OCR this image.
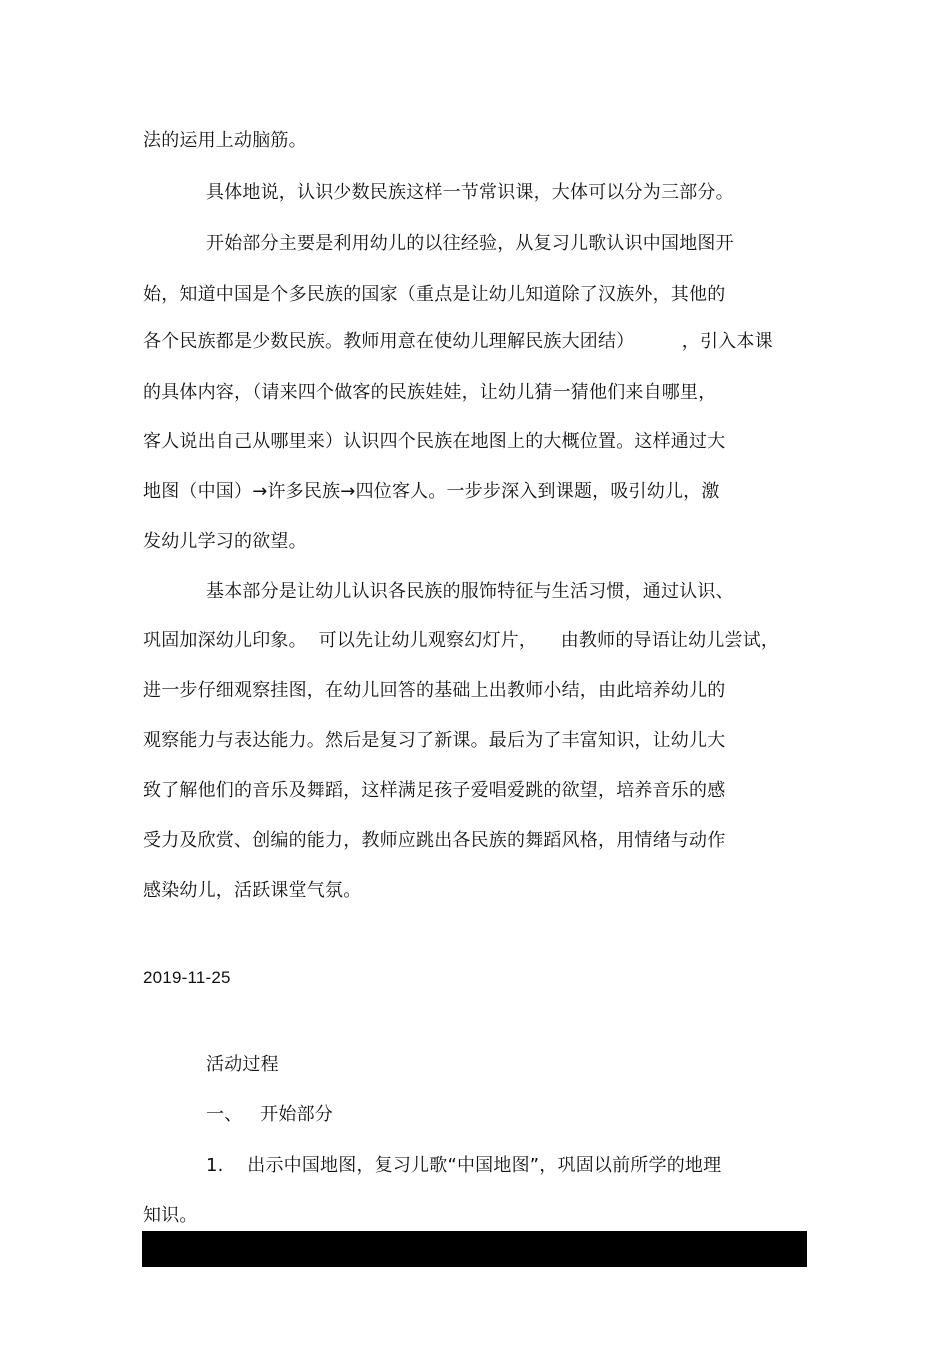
法的运用上动脑筋。
具体地说，认识少数民族这样一节常识课，大体可以分为三部分。
开始部分主要是利用幼儿的以往经验，从复习儿歌认识中国地图开
始，知道中国是个多民族的国家（重点是让幼儿知道除了汉族外，其他的
各个民族都是少数民族。教师用意在使幼儿理解民族大团结）        ，引入本课
的具体内容，（请来四个做客的民族娃娃，让幼儿猜一猜他们来自哪里，
客人说出自己从哪里来）认识四个民族在地图上的大概位置。这样通过大
地图（中国）→许多民族→四位客人。一步步深入到课题，吸引幼儿，激
发幼儿学习的欲望。
基本部分是让幼儿认识各民族的服饰特征与生活习惯，通过认识、
巩固加深幼儿印象。  可以先让幼儿观察幻灯片，    由教师的导语让幼儿尝试，
进一步仔细观察挂图，在幼儿回答的基础上出教师小结，由此培养幼儿的
观察能力与表达能力。然后是复习了新课。最后为了丰富知识，让幼儿大
致了解他们的音乐及舞蹈，这样满足孩子爱唱爱跳的欲望，培养音乐的感
受力及欣赏、创编的能力，教师应跳出各民族的舞蹈风格，用情绪与动作
感染幼儿，活跃课堂气氛。
2019-11-25
活动过程
一、   开始部分
1.    出示中国地图，复习儿歌“中国地图”，巩固以前所学的地理
知识。
